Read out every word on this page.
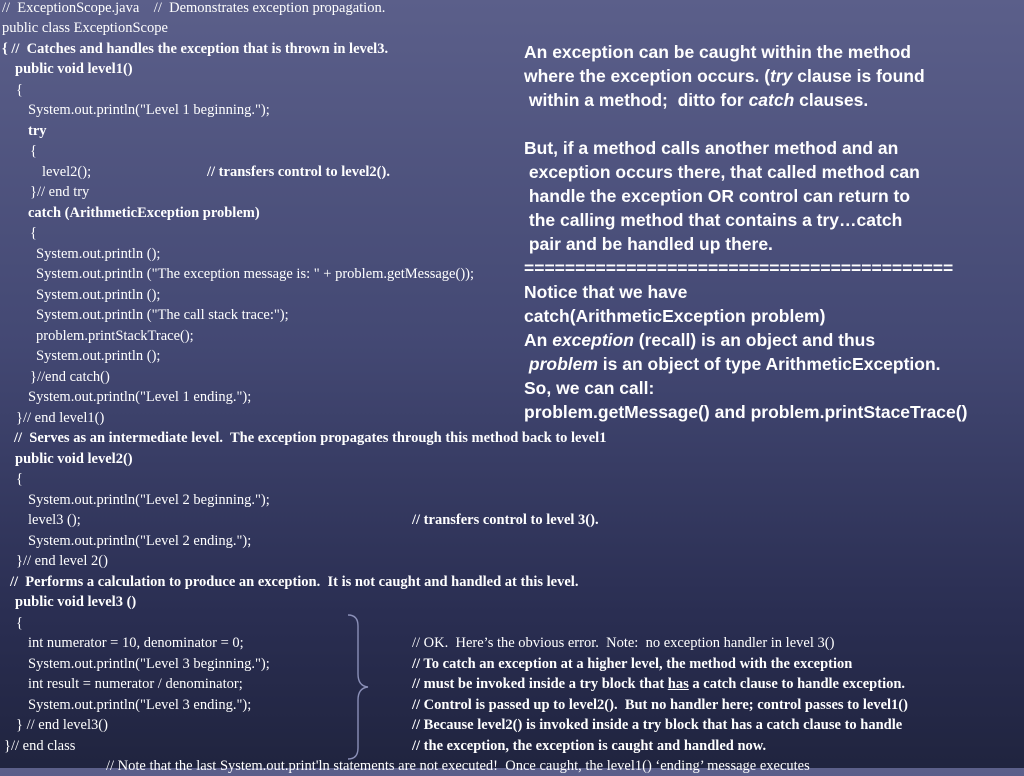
//  ExceptionScope.java    //  Demonstrates exception propagation.
public class ExceptionScope
{ //  Catches and handles the exception that is thrown in level3.
public void level1()
{
System.out.println("Level 1 beginning.");
try
{
level2();	// transfers control to level2().
}// end try
catch (ArithmeticException problem)
{
System.out.println ();
System.out.println ("The exception message is: " + problem.getMessage());
System.out.println ();
System.out.println ("The call stack trace:");
problem.printStackTrace();
System.out.println ();
}//end catch()
System.out.println("Level 1 ending.");
}// end level1()
//  Serves as an intermediate level.  The exception propagates through this method back to level1
public void level2()
{
System.out.println("Level 2 beginning.");
level3 ();	// transfers control to level 3().
System.out.println("Level 2 ending.");
}// end level 2()
//  Performs a calculation to produce an exception.  It is not caught and handled at this level.
public void level3 ()
{
int numerator = 10, denominator = 0;
System.out.println("Level 3 beginning.");
int result = numerator / denominator;
System.out.println("Level 3 ending.");
} // end level3()
}// end class
// Note that the last System.out.print'ln statements are not executed!  Once caught, the level1() ‘ending’ message executes
// OK.  Here’s the obvious error.  Note:  no exception handler in level 3()
// To catch an exception at a higher level, the method with the exception
// must be invoked inside a try block that has a catch clause to handle exception.
// Control is passed up to level2().  But no handler here; control passes to level1()
// Because level2() is invoked inside a try block that has a catch clause to handle
// the exception, the exception is caught and handled now.
An exception can be caught within the method
where the exception occurs. (try clause is found
within a method;  ditto for catch clauses.
But, if a method calls another method and an
exception occurs there, that called method can
handle the exception OR control can return to
the calling method that contains a try…catch
pair and be handled up there.
==========================================
Notice that we have
catch(ArithmeticException problem)
An exception (recall) is an object and thus
problem is an object of type ArithmeticException.
So, we can call:
problem.getMessage() and problem.printStaceTrace()
